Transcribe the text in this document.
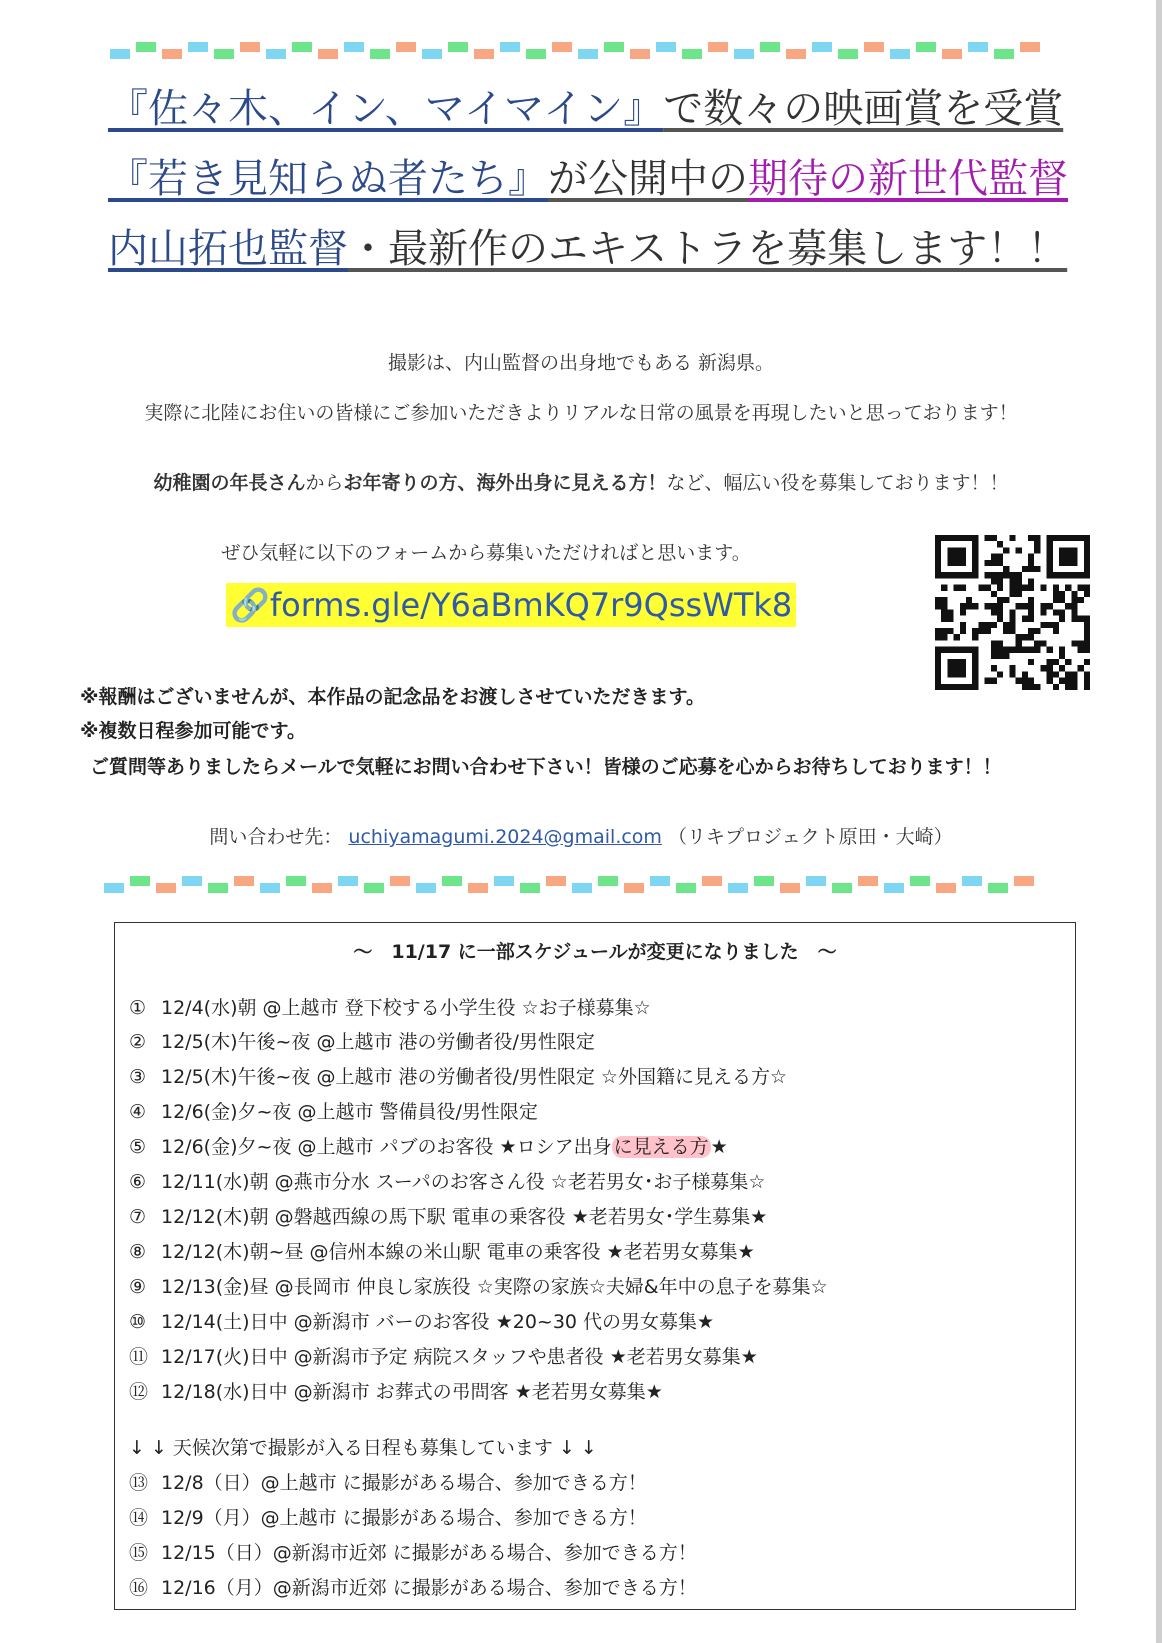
『佐々木、イン、マイマイン』で数々の映画賞を受賞
『若き見知らぬ者たち』が公開中の期待の新世代監督
内山拓也監督・最新作のエキストラを募集します！！
撮影は、内山監督の出身地でもある 新潟県。
実際に北陸にお住いの皆様にご参加いただきよりリアルな日常の風景を再現したいと思っております！
幼稚園の年長さんからお年寄りの方、海外出身に見える方！など、幅広い役を募集しております！！
ぜひ気軽に以下のフォームから募集いただければと思います。
🔗forms.gle/Y6aBmKQ7r9QssWTk8
※報酬はございませんが、本作品の記念品をお渡しさせていただきます。
※複数日程参加可能です。
ご質問等ありましたらメールで気軽にお問い合わせ下さい！皆様のご応募を心からお待ちしております！！
問い合わせ先： uchiyamagumi.2024@gmail.com （リキプロジェクト原田・大崎）
～　11/17 に一部スケジュールが変更になりました　～
① 12/4(水)朝 @上越市 登下校する小学生役 ☆お子様募集☆
② 12/5(木)午後~夜 @上越市 港の労働者役/男性限定
③ 12/5(木)午後~夜 @上越市 港の労働者役/男性限定 ☆外国籍に見える方☆
④ 12/6(金)夕~夜 @上越市 警備員役/男性限定
⑤ 12/6(金)夕~夜 @上越市 パブのお客役 ★ロシア出身 に見える方 ★
⑥ 12/11(水)朝 @燕市分水 スーパのお客さん役 ☆老若男女･お子様募集☆
⑦ 12/12(木)朝 @磐越西線の馬下駅 電車の乗客役 ★老若男女･学生募集★
⑧ 12/12(木)朝~昼 @信州本線の米山駅 電車の乗客役 ★老若男女募集★
⑨ 12/13(金)昼 @長岡市 仲良し家族役 ☆実際の家族☆夫婦&年中の息子を募集☆
⑩ 12/14(土)日中 @新潟市 バーのお客役 ★20~30 代の男女募集★
⑪ 12/17(火)日中 @新潟市予定 病院スタッフや患者役 ★老若男女募集★
⑫ 12/18(水)日中 @新潟市 お葬式の弔問客 ★老若男女募集★
↓ ↓ 天候次第で撮影が入る日程も募集しています ↓ ↓
⑬ 12/8（日）@上越市 に撮影がある場合、参加できる方！
⑭ 12/9（月）@上越市 に撮影がある場合、参加できる方！
⑮ 12/15（日）@新潟市近郊 に撮影がある場合、参加できる方！
⑯ 12/16（月）@新潟市近郊 に撮影がある場合、参加できる方！
